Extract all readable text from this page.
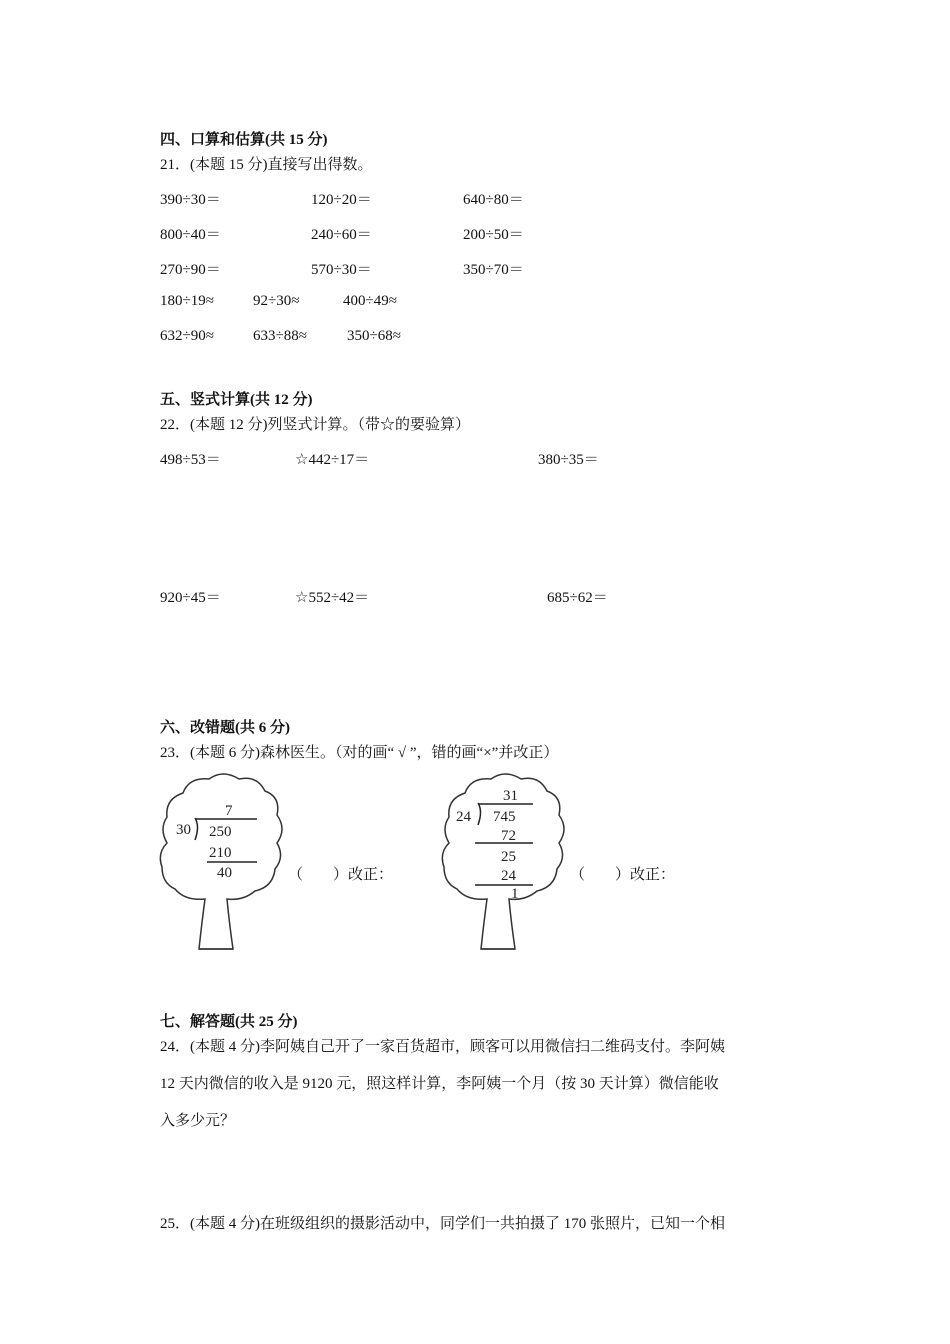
四、口算和估算(共 15 分)
21．(本题 15 分)直接写出得数。
390÷30＝	120÷20＝	640÷80＝
800÷40＝	240÷60＝	200÷50＝
270÷90＝	570÷30＝	350÷70＝
180÷19≈	92÷30≈	400÷49≈
632÷90≈	633÷88≈	350÷68≈
五、竖式计算(共 12 分)
22．(本题 12 分)列竖式计算。（带☆的要验算）
498÷53＝	☆442÷17＝	380÷35＝
920÷45＝	☆552÷42＝	685÷62＝
六、改错题(共 6 分)
23．(本题 6 分)森林医生。（对的画“ √ ”，错的画“×”并改正）
7
30 250
210
40	（　　）改正：
31
24 745
72
25
24
1
（　　）改正：
七、解答题(共 25 分)
24．(本题 4 分)李阿姨自己开了一家百货超市，顾客可以用微信扫二维码支付。李阿姨
12 天内微信的收入是 9120 元，照这样计算，李阿姨一个月（按 30 天计算）微信能收
入多少元？
25．(本题 4 分)在班级组织的摄影活动中，同学们一共拍摄了 170 张照片，已知一个相
